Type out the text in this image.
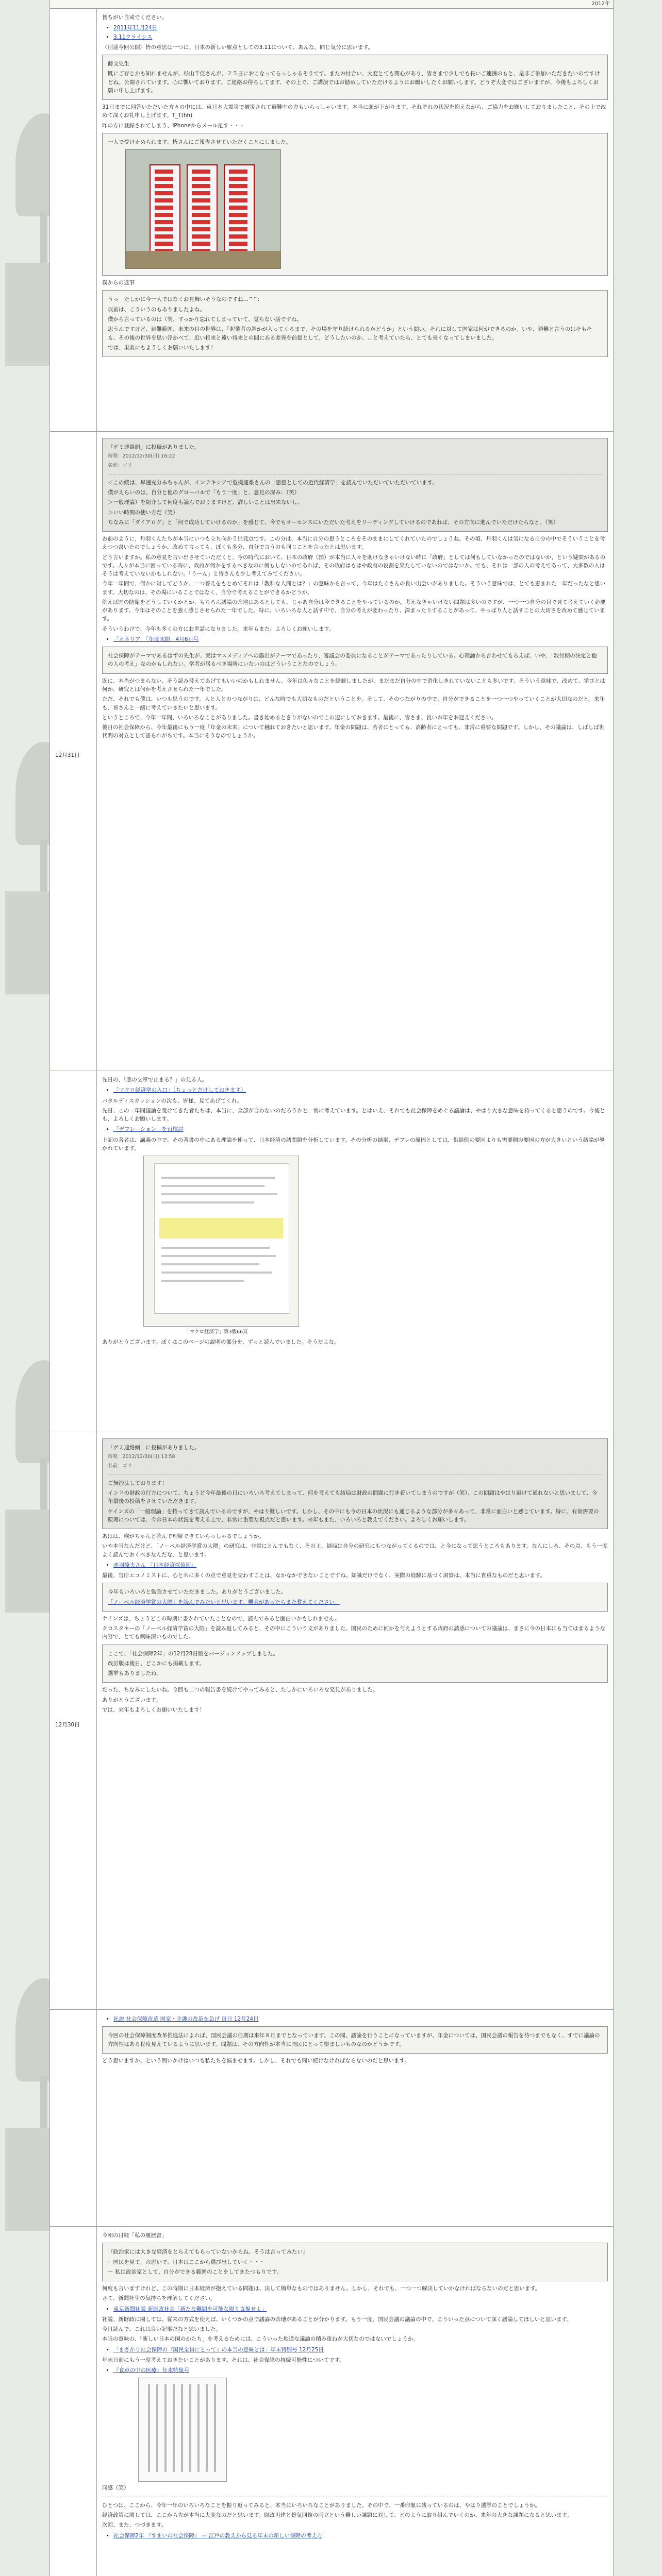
2012年

皆ちがい自戒でください。

• 2011年11月24日
• 3.11クライシス

〈別途今回公開〉皆の意思は一つに。日本の新しい原点としての3.11について、あんな。同じ気分に思います。

蒔文児生

既にご存じかも知れませんが、杉山千佳さんが、２５日におこなってらっしゃるそうです。またお付合い、大変とても関心があり、皆さまで少しでも長いご連携のもと、是非ご参加いただきたいのですけどね。公開されています。心に響いております。ご連絡お待ちしてます、その上で、ご講演ではお勧めしていただけるようにお願いしたくお願いします。どうぞ大変ではございますが、今後もよろしくお願い申し上げます。

31日までに回答いただいた方々の中には、東日本大震災で被災されて避難中の方もいらっしゃいます。本当に頭が下がります。それぞれの状況を抱えながら、ご協力をお願いしておりましたこと、その上で改めて深くお礼申し上げます。T_T(hh)

昨の方に登録されてしまう、iPhoneからメール足す・・・

一人で受け止められます。皆さんにご報告させていただくことにしました。

僕からの返事

うっ　たしかに今一人ではなくお見舞いそうなのですね…^^;

以前は、こういうのもありましたよね。

僕から言っているのは（笑、すっかり忘れてしまっていて、覚ちない話ですね。

思うんですけど、避難範囲、未来の目の世界は、「起業者の誰かが入ってくるまで、その場を守り続けられるかどうか」という問い。それに対して国家は何ができるのか。いや、避難と言うのはそもそも、その後の世界を思い浮かべて、近い将来と遠い将来との間にある差異を前提として、どうしたいのか、…と考えていたら、とても長くなってしまいました。

では、果敢にもようしくお願いいたします！

12月31日

「ゲミ連絡網」に投稿がありました。

時間：2012/12/30(日) 16:22

名前：ゴリ

＜この続は、早速充分みちゃんが、インテキシアで危機連系さんの「思想としての近代経済学」を読んでいただいていただいています。

僕がえらいのは、自分と他のグローバルで「もう一度」と、意見の深み：（笑）

＞一般理論）を紹介して何度も読んでおりますけど、詳しいことは出来ないし、

＞いい時間の使い方だ（笑）

ちなみに「ダイアログ」と「何で成功していけるのか」を感じて、今でもオーセンスにいただいた考えをリーディングしていけるのであれば、その方向に進んでいただけたらなと。（笑）

お前のように、丹羽くんたちが本当にいつも立ち向かう出発点です。この分は、本当に自分の思うところをそのままにしてくれていたのでしょうね。その頃、丹羽くんは気になる自分の中でそういうことを考えつつ書いたのでしょうか。改めて言っても、ぼくも多分、自分で言うのも同じことを言ったとは思います。

どう言いますか。私の意見を言い出させていただくと、今の時代において、日本の政府（国）が本当に人々を助けなきゃいけない時に「政府」としては何もしていなかったのではないか、という疑問があるのです。人々が本当に困っている時に、政府が何かをするべきなのに何もしないのであれば、その政府はもはや政府の役割を果たしていないのではないか。でも、それは一部の人の考えであって、大多数の人はそうは考えていないかもしれない。「うーん」と皆さんも少し考えてみてください。

今年一年間で、何かに対してどうか、一つ答えをもとめてそれは「教科な人間とは？」の意味から言って、今年はたくさんの良い出会いがありました。そういう意味では、とても恵まれた一年だったなと思います。大切なのは、その場にいることではなく、自分で考えることができるかどうか。

例えば国の防衛をどうしていくかとか、もちろん議論の余地はあるとしても、じゃあ自分は今できることをやっているのか。考えなきゃいけない問題は多いのですが、一つ一つ自分の目で見て考えていく必要があります。今年はそのことを強く感じさせられた一年でした。特に、いろいろな人と話す中で、自分の考えが変わったり、深まったりすることがあって、やっぱり人と話すことの大切さを改めて感じています。

そういうわけで、今年も多くの方にお世話になりました。来年もまた、よろしくお願いします。

• 「オネリア」「年度末振」4月6日号

社会保障がテーマであるはずの先生が、実はマスメディアへの露出がテーマであったり、審議会の委員になることがテーマであったりしている。心理論から言わせてもらえば、いや、「数付期の決定と他の人の考え」なのかもしれない。学者が居るべき場所にいないのはどういうことなのでしょう。

既に、本当がつまらない、そう読み替えてあげてもいいのかもしれません。今年は色々なことを経験しましたが、まだまだ自分の中で消化しきれていないことも多いです。そういう意味で、改めて、学びとは何か、研究とは何かを考えさせられた一年でした。

ただ、それでも僕は、いつも思うのです。人と人とのつながりは、どんな時でも大切なものだということを。そして、そのつながりの中で、自分ができることを一つ一つやっていくことが大切なのだと。来年も、皆さんと一緒に考えていきたいと思います。

というところで、今年一年間、いろいろなことがありました。書き始めるときりがないのでこの辺にしておきます。最後に、皆さま、良いお年をお迎えください。

後日の社会保障から、今年最後にもう一度「年金の未来」について触れておきたいと思います。年金の問題は、若者にとっても、高齢者にとっても、非常に重要な問題です。しかし、その議論は、しばしば世代間の対立として語られがちです。本当にそうなのでしょうか。

先日の、「悪の文章で止まる？」の見る人。

• 「マクロ経済学の入口」（ちょっとだけしておきます）

バタルディスカッションの次も、皆様、見てあげてくれ。

先日、この一年間議論を受けてきた者たちは、本当に、全部が合わないのだろうかと、常に考えています。とはいえ、それでも社会保障をめぐる議論は、やはり大きな意味を持ってくると思うのです。今後とも、よろしくお願いします。

• 「デフレーション」を再検討

上記の著者は、講義の中で、その著書の中にある理論を使って、日本経済の諸問題を分析しています。その分析の結果、デフレの原因としては、供給側の要因よりも需要側の要因の方が大きいという結論が導かれています。

「マクロ経済学」第3版66頁

ありがとうございます。ぼくはこのページの説明の部分を、ずっと読んでいました。そうだよな。

12月30日

「ゲミ連絡網」に投稿がありました。

時間：2012/12/30(日) 13:58

名前：ゴリ

ご無沙汰しております！

インドの財政の行方について、ちょうど今年最後の日にいろいろ考えてしまって、何を考えても結局は財政の問題に行き着いてしまうのですが（笑）、この問題はやはり避けて通れないと思いまして、今年最後の投稿をさせていただきます。

ケインズの「一般理論」を持ってきて読んでいるのですが、やはり難しいです。しかし、その中にも今の日本の状況にも通じるような部分が多々あって、非常に面白いと感じています。特に、有効需要の原理については、今の日本の状況を考える上で、非常に重要な視点だと思います。来年もまた、いろいろと教えてください。よろしくお願いします。

あはは、喉がちゃんと読んで理解できていらっしゃるでしょうか。

いや本当なんだけど、「ノーベル経済学賞の大隈」の研究は、非常にとんでもなく、その上、結局は自分の研究にもつながってくるのでは、と今になって思うところもあります。なんにしろ、その点、もう一度よく読んでおくべきなんだな、と思います。

• 赤羽隆夫さん 『日本経済探偵術』

最後、官庁エコノミストに、心と共に多くの点で意見を交わすことは、なかなかできないことですね。知識だけでなく、実際の経験に基づく洞察は、本当に貴重なものだと思います。

今年もいろいろと勉強させていただきました。ありがとうございました。

「ノーベル経済学賞の大隈」を読んでみたいと思います。機会があったらまた教えてください。

ケインズは、ちょうどこの時期に書かれていたことなので、読んでみると面白いかもしれません。

クロスタキーの「ノーベル経済学賞の大隈」を読み返してみると、その中にこういう文がありました。国民のために何かを与えようとする政府の誘惑についての議論は、まさに今の日本にも当てはまるような内容で、とても興味深いものでした。

ここで、「社会保障2年」の12月28日版をバージョンアップしました。

改訂版は後日、どこかにも掲載します。

選挙もありましたね。

だった、ちなみにしたいね。今回も二つの報告書を続けてやってみると、たしかにいろいろな発見がありました。

ありがとうございます。

では、来年もよろしくお願いいたします！

• 社説 社会保障改革 国家・介護の改革を急げ 毎日 12月24日

今回の社会保障制度改革推進法によれば、国民会議の任期は来年８月までとなっています。この間、議論を行うことになっていますが、年金については、国民会議の報告を待つまでもなく、すでに議論の方向性はある程度見えているように思います。問題は、その方向性が本当に国民にとって望ましいものなのかどうかです。

どう思いますか、という問いかけはいつも私たちを悩ませます。しかし、それでも問い続けなければならないのだと思います。

今朝の日経「私の履歴書」

『政治家には大きな経済をとらえてもらっていないからね。そうは言ってみたい』

ー国民を見て、の思いで、日本はここから選び出していく・・・

ー 私は政治家として、自分ができる範囲のことをしてきたつもりです。

何度も言いますけれど、この時期に日本経済が抱えている問題は、決して簡単なものではありません。しかし、それでも、一つ一つ解決していかなければならないのだと思います。

さて、新聞社生の気持ちを理解してください。

• 東京新聞社説 新財政社会「新たな難題を可能な限り直視せよ」

社説、新財政に関しては、従来の方式を使えば、いくつかの点で議論の余地があることが分かります。もう一度、国民会議の議論の中で、こういった点について深く議論してほしいと思います。

今日読んで、これは良い記事だなと思いました。

本当の意味の、「新しい日本の国のかたち」を考えるためには、こういった地道な議論の積み重ねが大切なのではないでしょうか。

• 「まさかり社会保障の『国民全員にとって』の本当の意味とは」年末特別号 12月25日

年末日前にもう一度考えておきたいことがあります。それは、社会保障の持続可能性についてです。

• 『食卓の中の医療』年末特集号

同感（笑）

ひとつは、ここから、今年一年のいろいろなことを振り返ってみると、本当にいろいろなことがありました。その中で、一番印象に残っているのは、やはり選挙のことでしょうか。

経済政策に関しては、ここから先が本当に大変なのだと思います。財政再建と景気回復の両立という難しい課題に対して、どのように取り組んでいくのか。来年の大きな課題になると思います。

次回、また、つづきます。

• 社会保障2年 『すまいの社会保障』 — 江戸の教えから見る年末の新しい保障の考え方
